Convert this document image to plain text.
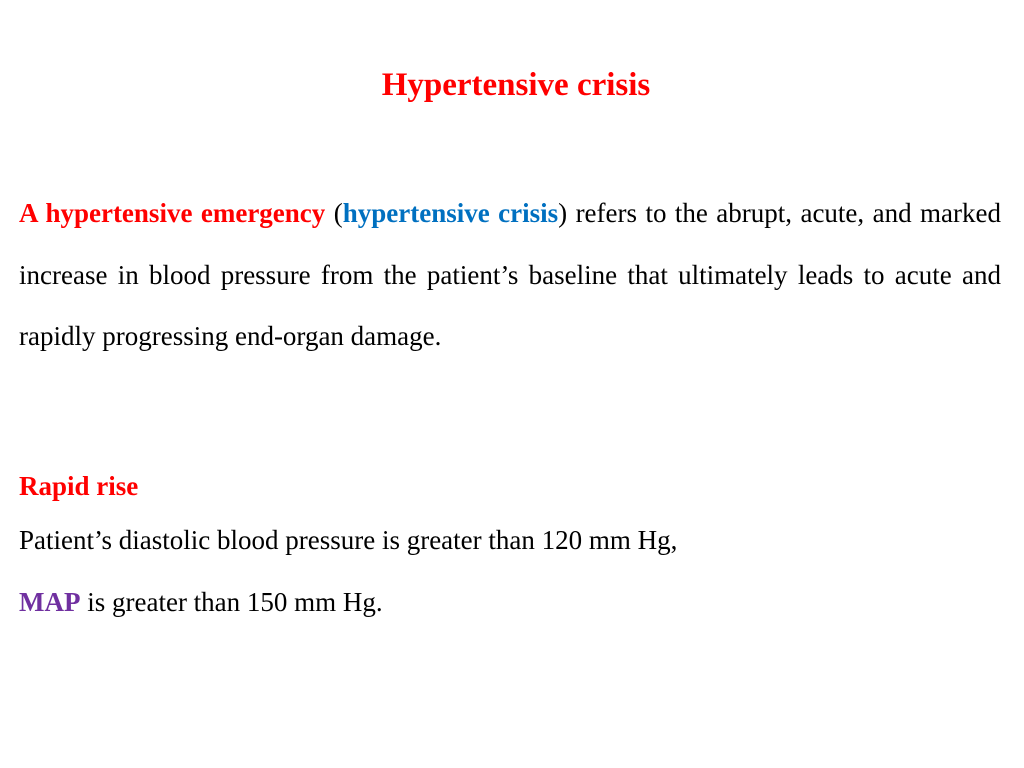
Hypertensive crisis

A hypertensive emergency (hypertensive crisis) refers to the abrupt, acute, and marked increase in blood pressure from the patient’s baseline that ultimately leads to acute and rapidly progressing end-organ damage.

Rapid rise

Patient’s diastolic blood pressure is greater than 120 mm Hg,

MAP is greater than 150 mm Hg.
